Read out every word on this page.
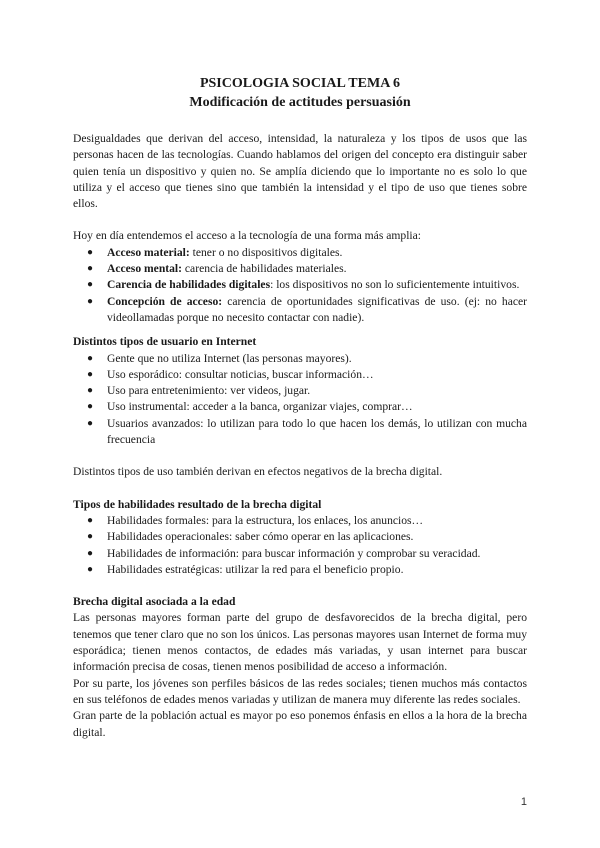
PSICOLOGIA SOCIAL TEMA 6
Modificación de actitudes persuasión

Desigualdades que derivan del acceso, intensidad, la naturaleza y los tipos de usos que las personas hacen de las tecnologías. Cuando hablamos del origen del concepto era distinguir saber quien tenía un dispositivo y quien no. Se amplía diciendo que lo importante no es solo lo que utiliza y el acceso que tienes sino que también la intensidad y el tipo de uso que tienes sobre ellos.

Hoy en día entendemos el acceso a la tecnología de una forma más amplia:

● Acceso material: tener o no dispositivos digitales.
● Acceso mental: carencia de habilidades materiales.
● Carencia de habilidades digitales: los dispositivos no son lo suficientemente intuitivos.
● Concepción de acceso: carencia de oportunidades significativas de uso. (ej: no hacer videollamadas porque no necesito contactar con nadie).

Distintos tipos de usuario en Internet

● Gente que no utiliza Internet (las personas mayores).
● Uso esporádico: consultar noticias, buscar información…
● Uso para entretenimiento: ver videos, jugar.
● Uso instrumental: acceder a la banca, organizar viajes, comprar…
● Usuarios avanzados: lo utilizan para todo lo que hacen los demás, lo utilizan con mucha frecuencia

Distintos tipos de uso también derivan en efectos negativos de la brecha digital.

Tipos de habilidades resultado de la brecha digital

● Habilidades formales: para la estructura, los enlaces, los anuncios…
● Habilidades operacionales: saber cómo operar en las aplicaciones.
● Habilidades de información: para buscar información y comprobar su veracidad.
● Habilidades estratégicas: utilizar la red para el beneficio propio.

Brecha digital asociada a la edad

Las personas mayores forman parte del grupo de desfavorecidos de la brecha digital, pero tenemos que tener claro que no son los únicos. Las personas mayores usan Internet de forma muy esporádica; tienen menos contactos, de edades más variadas, y usan internet para buscar información precisa de cosas, tienen menos posibilidad de acceso a información.

Por su parte, los jóvenes son perfiles básicos de las redes sociales; tienen muchos más contactos en sus teléfonos de edades menos variadas y utilizan de manera muy diferente las redes sociales.

Gran parte de la población actual es mayor po eso ponemos énfasis en ellos a la hora de la brecha digital.

1
